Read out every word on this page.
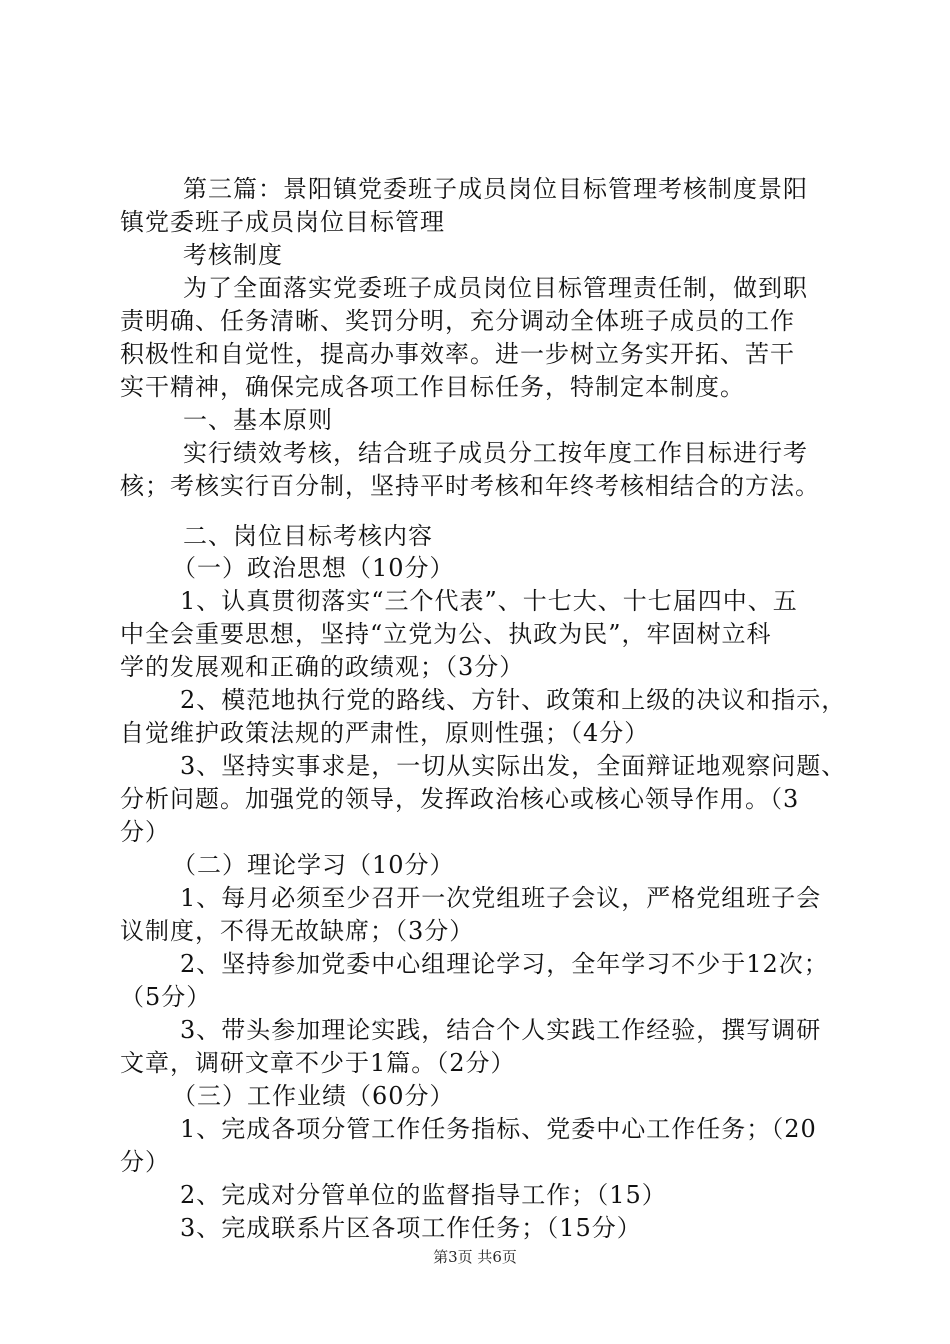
第三篇：景阳镇党委班子成员岗位目标管理考核制度景阳
镇党委班子成员岗位目标管理
考核制度
为了全面落实党委班子成员岗位目标管理责任制，做到职
责明确、任务清晰、奖罚分明，充分调动全体班子成员的工作
积极性和自觉性，提高办事效率。进一步树立务实开拓、苦干
实干精神，确保完成各项工作目标任务，特制定本制度。
一、基本原则
实行绩效考核，结合班子成员分工按年度工作目标进行考
核；考核实行百分制，坚持平时考核和年终考核相结合的方法。
二、岗位目标考核内容
（一）政治思想（10分）
1、认真贯彻落实“三个代表”、十七大、十七届四中、五
中全会重要思想，坚持“立党为公、执政为民”，牢固树立科
学的发展观和正确的政绩观；（3分）
2、模范地执行党的路线、方针、政策和上级的决议和指示，
自觉维护政策法规的严肃性，原则性强；（4分）
3、坚持实事求是，一切从实际出发，全面辩证地观察问题、
分析问题。加强党的领导，发挥政治核心或核心领导作用。（3
分）
（二）理论学习（10分）
1、每月必须至少召开一次党组班子会议，严格党组班子会
议制度，不得无故缺席；（3分）
2、坚持参加党委中心组理论学习，全年学习不少于12次；
（5分）
3、带头参加理论实践，结合个人实践工作经验，撰写调研
文章，调研文章不少于1篇。（2分）
（三）工作业绩（60分）
1、完成各项分管工作任务指标、党委中心工作任务；（20
分）
2、完成对分管单位的监督指导工作；（15）
3、完成联系片区各项工作任务；（15分）
第3页 共6页
